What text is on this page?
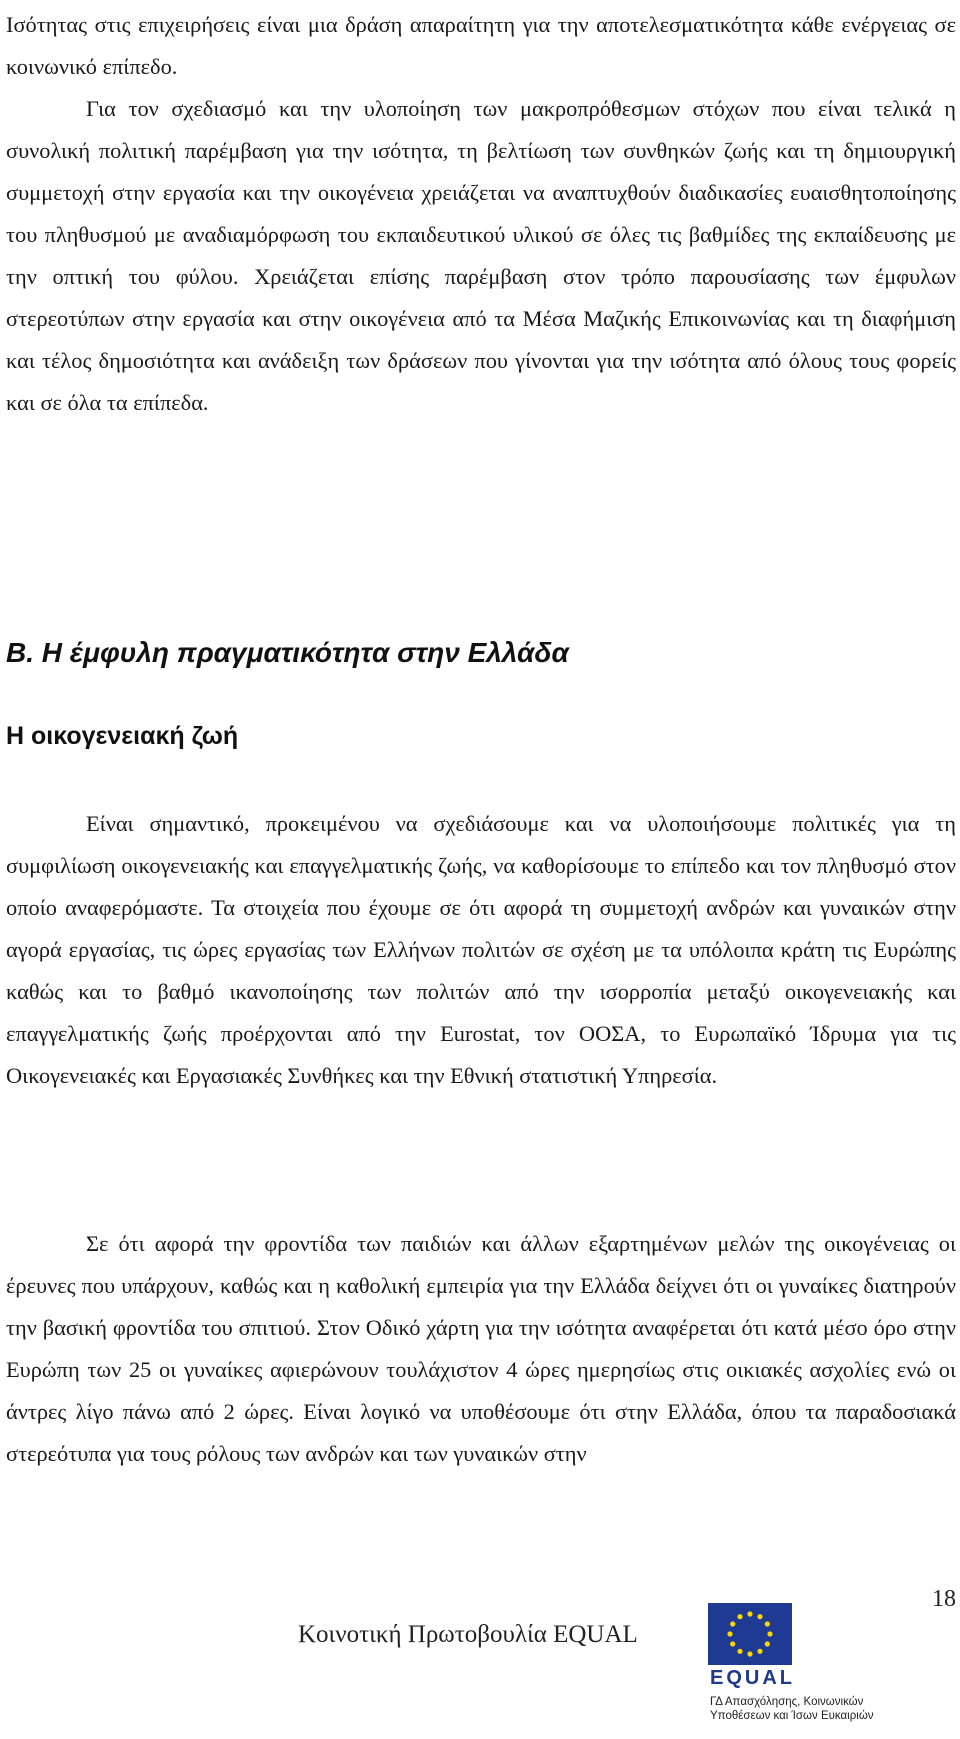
Ισότητας στις επιχειρήσεις είναι μια δράση απαραίτητη για την αποτελεσματικότητα κάθε ενέργειας σε κοινωνικό επίπεδο.

Για τον σχεδιασμό και την υλοποίηση των μακροπρόθεσμων στόχων που είναι τελικά η συνολική πολιτική παρέμβαση για την ισότητα, τη βελτίωση των συνθηκών ζωής και τη δημιουργική συμμετοχή στην εργασία και την οικογένεια χρειάζεται να αναπτυχθούν διαδικασίες ευαισθητοποίησης του πληθυσμού με αναδιαμόρφωση του εκπαιδευτικού υλικού σε όλες τις βαθμίδες της εκπαίδευσης με την οπτική του φύλου. Χρειάζεται επίσης παρέμβαση στον τρόπο παρουσίασης των έμφυλων στερεοτύπων στην εργασία και στην οικογένεια από τα Μέσα Μαζικής Επικοινωνίας και τη διαφήμιση και τέλος δημοσιότητα και ανάδειξη των δράσεων που γίνονται για την ισότητα από όλους τους φορείς και σε όλα τα επίπεδα.

Β. Η έμφυλη πραγματικότητα στην Ελλάδα
Η οικογενειακή ζωή

Είναι σημαντικό, προκειμένου να σχεδιάσουμε και να υλοποιήσουμε πολιτικές για τη συμφιλίωση οικογενειακής και επαγγελματικής ζωής, να καθορίσουμε το επίπεδο και τον πληθυσμό στον οποίο αναφερόμαστε. Τα στοιχεία που έχουμε σε ότι αφορά τη συμμετοχή ανδρών και γυναικών στην αγορά εργασίας, τις ώρες εργασίας των Ελλήνων πολιτών σε σχέση με τα υπόλοιπα κράτη τις Ευρώπης καθώς και το βαθμό ικανοποίησης των πολιτών από την ισορροπία μεταξύ οικογενειακής και επαγγελματικής ζωής προέρχονται από την Eurostat, τον ΟΟΣΑ, το Ευρωπαϊκό Ίδρυμα για τις Οικογενειακές και Εργασιακές Συνθήκες και την Εθνική στατιστική Υπηρεσία.

Σε ότι αφορά την φροντίδα των παιδιών και άλλων εξαρτημένων μελών της οικογένειας οι έρευνες που υπάρχουν, καθώς και η καθολική εμπειρία για την Ελλάδα δείχνει ότι οι γυναίκες διατηρούν την βασική φροντίδα του σπιτιού. Στον Οδικό χάρτη για την ισότητα αναφέρεται ότι κατά μέσο όρο στην Ευρώπη των 25 οι γυναίκες αφιερώνουν τουλάχιστον 4 ώρες ημερησίως στις οικιακές ασχολίες ενώ οι άντρες λίγο πάνω από 2 ώρες. Είναι λογικό να υποθέσουμε ότι στην Ελλάδα, όπου τα παραδοσιακά στερεότυπα για τους ρόλους των ανδρών και των γυναικών στην

18
Κοινοτική Πρωτοβουλία EQUAL
EQUAL
ΓΔ Απασχόλησης, Κοινωνικών Υποθέσεων και Ίσων Ευκαιριών
